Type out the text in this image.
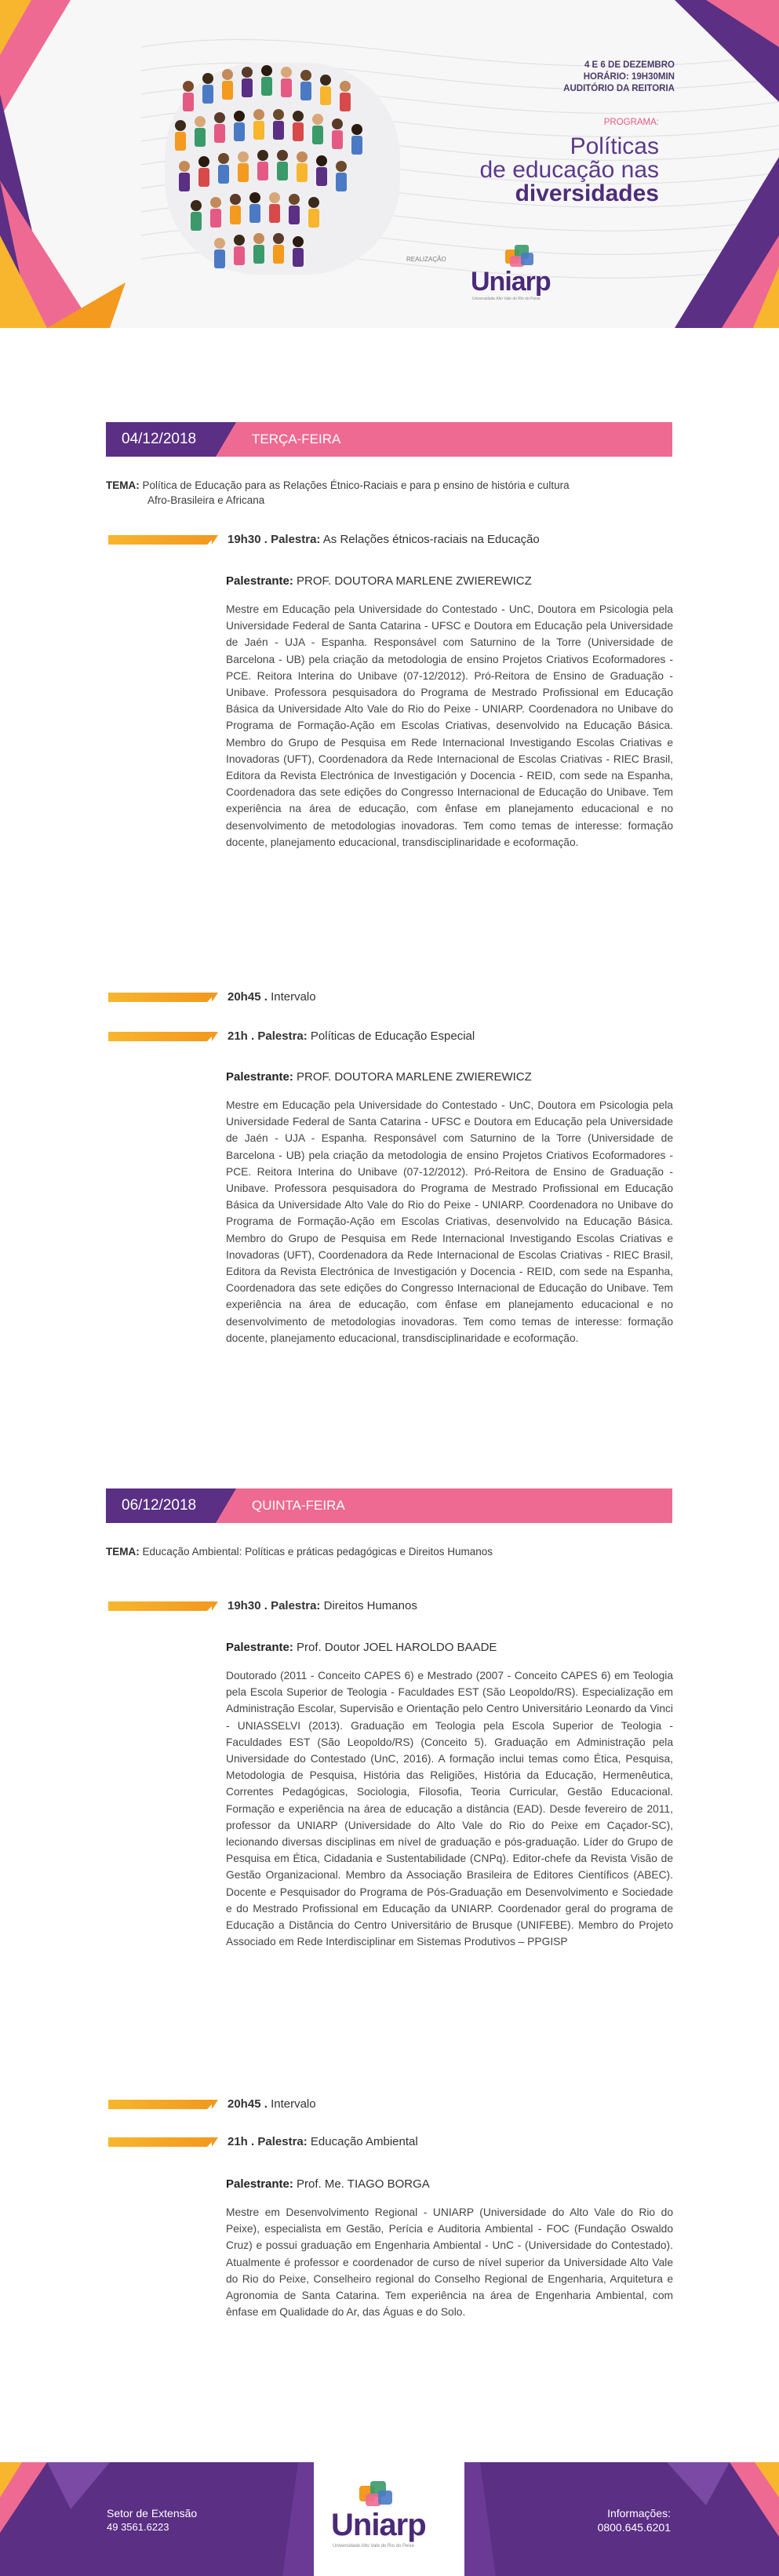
4 E 6 DE DEZEMBRO
HORÁRIO: 19H30MIN
AUDITÓRIO DA REITORIA
PROGRAMA:
Políticas
de educação nas
diversidades
REALIZAÇÃO
Uniarp
Universidade Alto Vale do Rio do Peixe
TERÇA-FEIRA
04/12/2018
TEMA: Política de Educação para as Relações Étnico-Raciais e para p ensino de história e cultura
Afro-Brasileira e Africana
19h30 . Palestra: As Relações étnicos-raciais na Educação
Palestrante: PROF. DOUTORA MARLENE ZWIEREWICZ
Mestre em Educação pela Universidade do Contestado - UnC, Doutora em Psicologia pela Universidade Federal de Santa Catarina - UFSC e Doutora em Educação pela Universidade de Jaén - UJA - Espanha. Responsável com Saturnino de la Torre (Universidade de Barcelona - UB) pela criação da metodologia de ensino Projetos Criativos Ecoformadores - PCE. Reitora Interina do Unibave (07-12/2012). Pró-Reitora de Ensino de Graduação - Unibave. Professora pesquisadora do Programa de Mestrado Profissional em Educação Básica da Universidade Alto Vale do Rio do Peixe - UNIARP. Coordenadora no Unibave do Programa de Formação-Ação em Escolas Criativas, desenvolvido na Educação Básica. Membro do Grupo de Pesquisa em Rede Internacional Investigando Escolas Criativas e Inovadoras (UFT), Coordenadora da Rede Internacional de Escolas Criativas - RIEC Brasil, Editora da Revista Electrónica de Investigación y Docencia - REID, com sede na Espanha, Coordenadora das sete edições do Congresso Internacional de Educação do Unibave. Tem experiência na área de educação, com ênfase em planejamento educacional e no desenvolvimento de metodologias inovadoras. Tem como temas de interesse: formação docente, planejamento educacional, transdisciplinaridade e ecoformação.
20h45 . Intervalo
21h . Palestra: Políticas de Educação Especial
Palestrante: PROF. DOUTORA MARLENE ZWIEREWICZ
Mestre em Educação pela Universidade do Contestado - UnC, Doutora em Psicologia pela Universidade Federal de Santa Catarina - UFSC e Doutora em Educação pela Universidade de Jaén - UJA - Espanha. Responsável com Saturnino de la Torre (Universidade de Barcelona - UB) pela criação da metodologia de ensino Projetos Criativos Ecoformadores - PCE. Reitora Interina do Unibave (07-12/2012). Pró-Reitora de Ensino de Graduação - Unibave. Professora pesquisadora do Programa de Mestrado Profissional em Educação Básica da Universidade Alto Vale do Rio do Peixe - UNIARP. Coordenadora no Unibave do Programa de Formação-Ação em Escolas Criativas, desenvolvido na Educação Básica. Membro do Grupo de Pesquisa em Rede Internacional Investigando Escolas Criativas e Inovadoras (UFT), Coordenadora da Rede Internacional de Escolas Criativas - RIEC Brasil, Editora da Revista Electrónica de Investigación y Docencia - REID, com sede na Espanha, Coordenadora das sete edições do Congresso Internacional de Educação do Unibave. Tem experiência na área de educação, com ênfase em planejamento educacional e no desenvolvimento de metodologias inovadoras. Tem como temas de interesse: formação docente, planejamento educacional, transdisciplinaridade e ecoformação.
QUINTA-FEIRA
06/12/2018
TEMA: Educação Ambiental: Políticas e práticas pedagógicas e Direitos Humanos
19h30 . Palestra: Direitos Humanos
Palestrante: Prof. Doutor JOEL HAROLDO BAADE
Doutorado (2011 - Conceito CAPES 6) e Mestrado (2007 - Conceito CAPES 6) em Teologia pela Escola Superior de Teologia - Faculdades EST (São Leopoldo/RS). Especialização em Administração Escolar, Supervisão e Orientação pelo Centro Universitário Leonardo da Vinci - UNIASSELVI (2013). Graduação em Teologia pela Escola Superior de Teologia - Faculdades EST (São Leopoldo/RS) (Conceito 5). Graduação em Administração pela Universidade do Contestado (UnC, 2016). A formação inclui temas como Ética, Pesquisa, Metodologia de Pesquisa, História das Religiões, História da Educação, Hermenêutica, Correntes Pedagógicas, Sociologia, Filosofia, Teoria Curricular, Gestão Educacional. Formação e experiência na área de educação a distância (EAD). Desde fevereiro de 2011, professor da UNIARP (Universidade do Alto Vale do Rio do Peixe em Caçador-SC), lecionando diversas disciplinas em nível de graduação e pós-graduação. Líder do Grupo de Pesquisa em Ética, Cidadania e Sustentabilidade (CNPq). Editor-chefe da Revista Visão de Gestão Organizacional. Membro da Associação Brasileira de Editores Científicos (ABEC). Docente e Pesquisador do Programa de Pós-Graduação em Desenvolvimento e Sociedade e do Mestrado Profissional em Educação da UNIARP. Coordenador geral do programa de Educação a Distância do Centro Universitário de Brusque (UNIFEBE). Membro do Projeto Associado em Rede Interdisciplinar em Sistemas Produtivos – PPGISP
20h45 . Intervalo
21h . Palestra: Educação Ambiental
Palestrante: Prof. Me. TIAGO BORGA
Mestre em Desenvolvimento Regional - UNIARP (Universidade do Alto Vale do Rio do Peixe), especialista em Gestão, Perícia e Auditoria Ambiental - FOC (Fundação Oswaldo Cruz) e possui graduação em Engenharia Ambiental - UnC - (Universidade do Contestado). Atualmente é professor e coordenador de curso de nível superior da Universidade Alto Vale do Rio do Peixe, Conselheiro regional do Conselho Regional de Engenharia, Arquitetura e Agronomia de Santa Catarina. Tem experiência na área de Engenharia Ambiental, com ênfase em Qualidade do Ar, das Águas e do Solo.
Uniarp
Universidade Alto Vale do Rio do Peixe
Setor de Extensão
49 3561.6223
Informações:
0800.645.6201
